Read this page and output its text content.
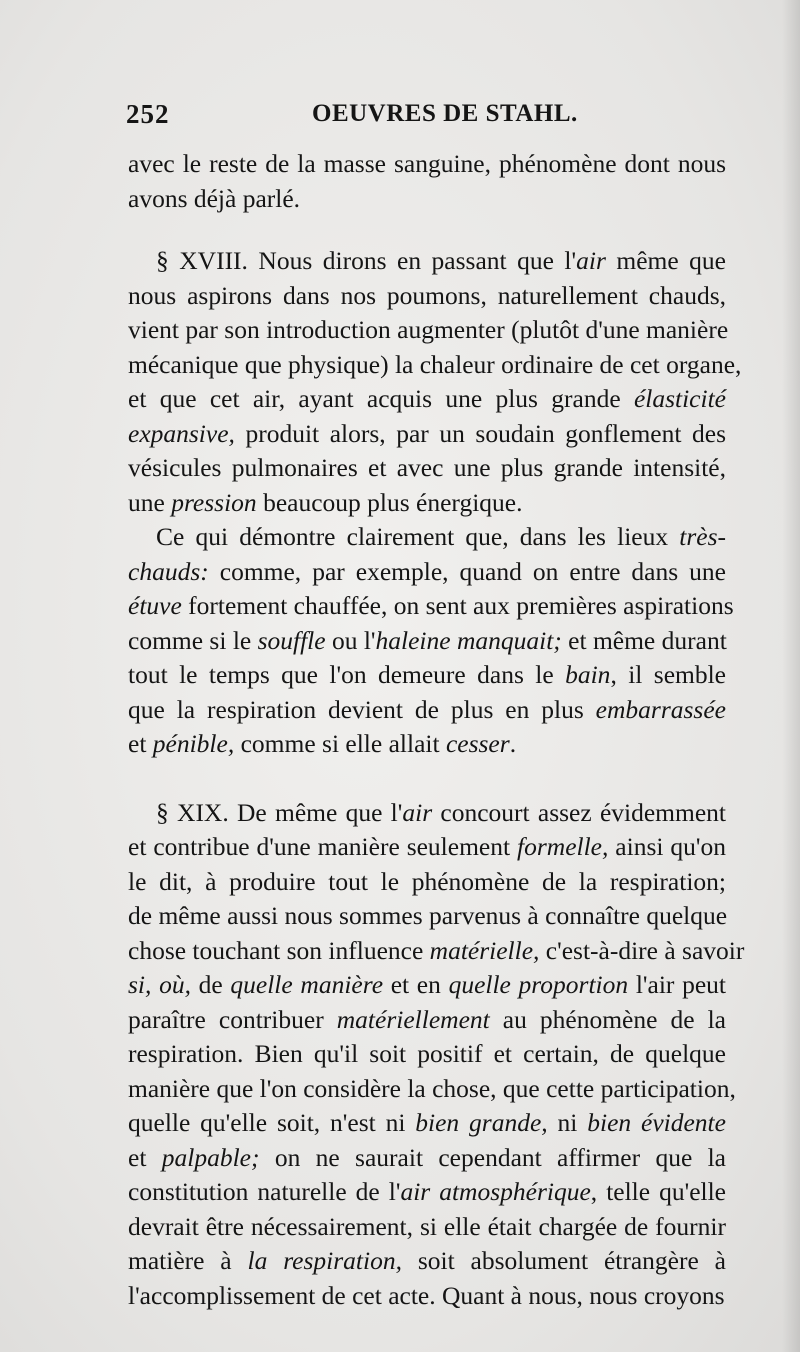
252	OEUVRES DE STAHL.
avec le reste de la masse sanguine, phénomène dont nous
avons déjà parlé.
§ XVIII. Nous dirons en passant que l'air même que
nous aspirons dans nos poumons, naturellement chauds,
vient par son introduction augmenter (plutôt d'une manière
mécanique que physique) la chaleur ordinaire de cet organe,
et que cet air, ayant acquis une plus grande élasticité
expansive, produit alors, par un soudain gonflement des
vésicules pulmonaires et avec une plus grande intensité,
une pression beaucoup plus énergique.
Ce qui démontre clairement que, dans les lieux très-
chauds: comme, par exemple, quand on entre dans une
étuve fortement chauffée, on sent aux premières aspirations
comme si le souffle ou l'haleine manquait; et même durant
tout le temps que l'on demeure dans le bain, il semble
que la respiration devient de plus en plus embarrassée
et pénible, comme si elle allait cesser.
§ XIX. De même que l'air concourt assez évidemment
et contribue d'une manière seulement formelle, ainsi qu'on
le dit, à produire tout le phénomène de la respiration;
de même aussi nous sommes parvenus à connaître quelque
chose touchant son influence matérielle, c'est-à-dire à savoir
si, où, de quelle manière et en quelle proportion l'air peut
paraître contribuer matériellement au phénomène de la
respiration. Bien qu'il soit positif et certain, de quelque
manière que l'on considère la chose, que cette participation,
quelle qu'elle soit, n'est ni bien grande, ni bien évidente
et palpable; on ne saurait cependant affirmer que la
constitution naturelle de l'air atmosphérique, telle qu'elle
devrait être nécessairement, si elle était chargée de fournir
matière à la respiration, soit absolument étrangère à
l'accomplissement de cet acte. Quant à nous, nous croyons
